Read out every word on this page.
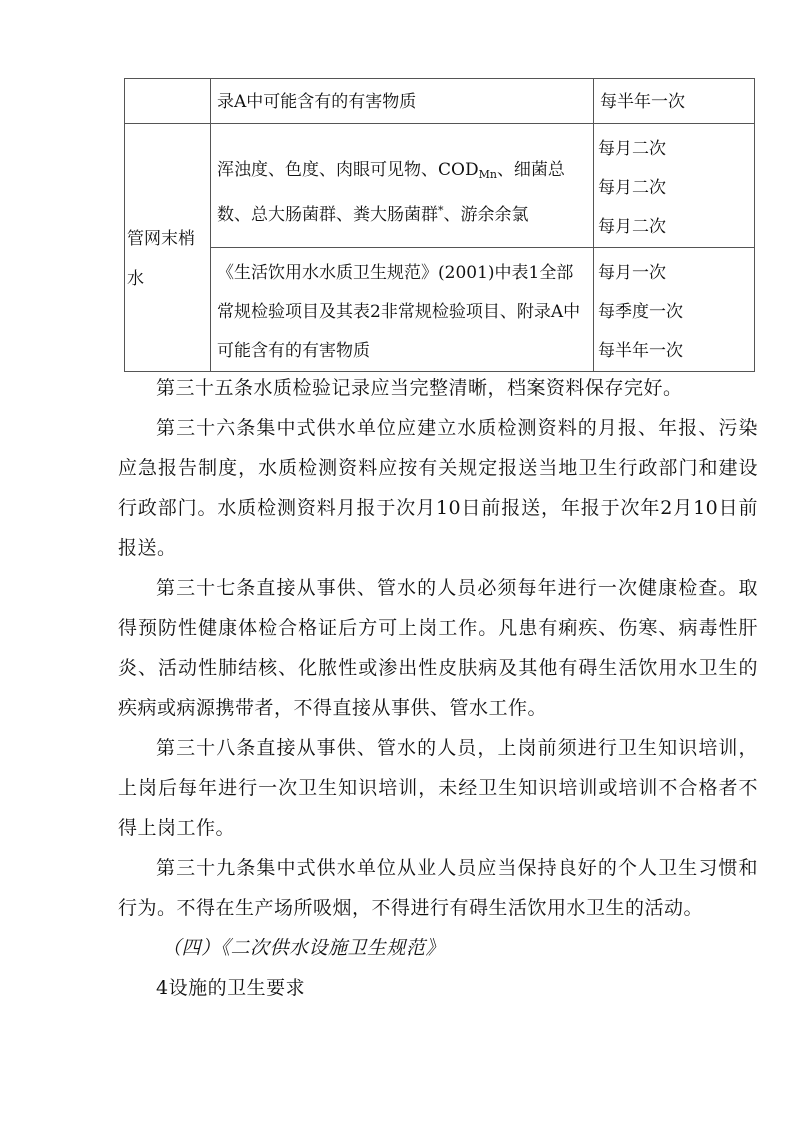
	录A中可能含有的有害物质	每半年一次

管网末梢水	浑浊度、色度、肉眼可见物、$COD_{Mn}$、细菌总数、总大肠菌群、粪大肠菌群*、游余余氯	每月二次
每月二次
每月二次

	《生活饮用水水质卫生规范》(2001)中表1全部常规检验项目及其表2非常规检验项目、附录A中可能含有的有害物质	每月一次
每季度一次
每半年一次

第三十五条水质检验记录应当完整清晰，档案资料保存完好。

第三十六条集中式供水单位应建立水质检测资料的月报、年报、污染应急报告制度，水质检测资料应按有关规定报送当地卫生行政部门和建设行政部门。水质检测资料月报于次月10日前报送，年报于次年2月10日前报送。

第三十七条直接从事供、管水的人员必须每年进行一次健康检查。取得预防性健康体检合格证后方可上岗工作。凡患有痢疾、伤寒、病毒性肝炎、活动性肺结核、化脓性或渗出性皮肤病及其他有碍生活饮用水卫生的疾病或病源携带者，不得直接从事供、管水工作。

第三十八条直接从事供、管水的人员，上岗前须进行卫生知识培训，上岗后每年进行一次卫生知识培训，未经卫生知识培训或培训不合格者不得上岗工作。

第三十九条集中式供水单位从业人员应当保持良好的个人卫生习惯和行为。不得在生产场所吸烟，不得进行有碍生活饮用水卫生的活动。

（四）《二次供水设施卫生规范》

4设施的卫生要求
